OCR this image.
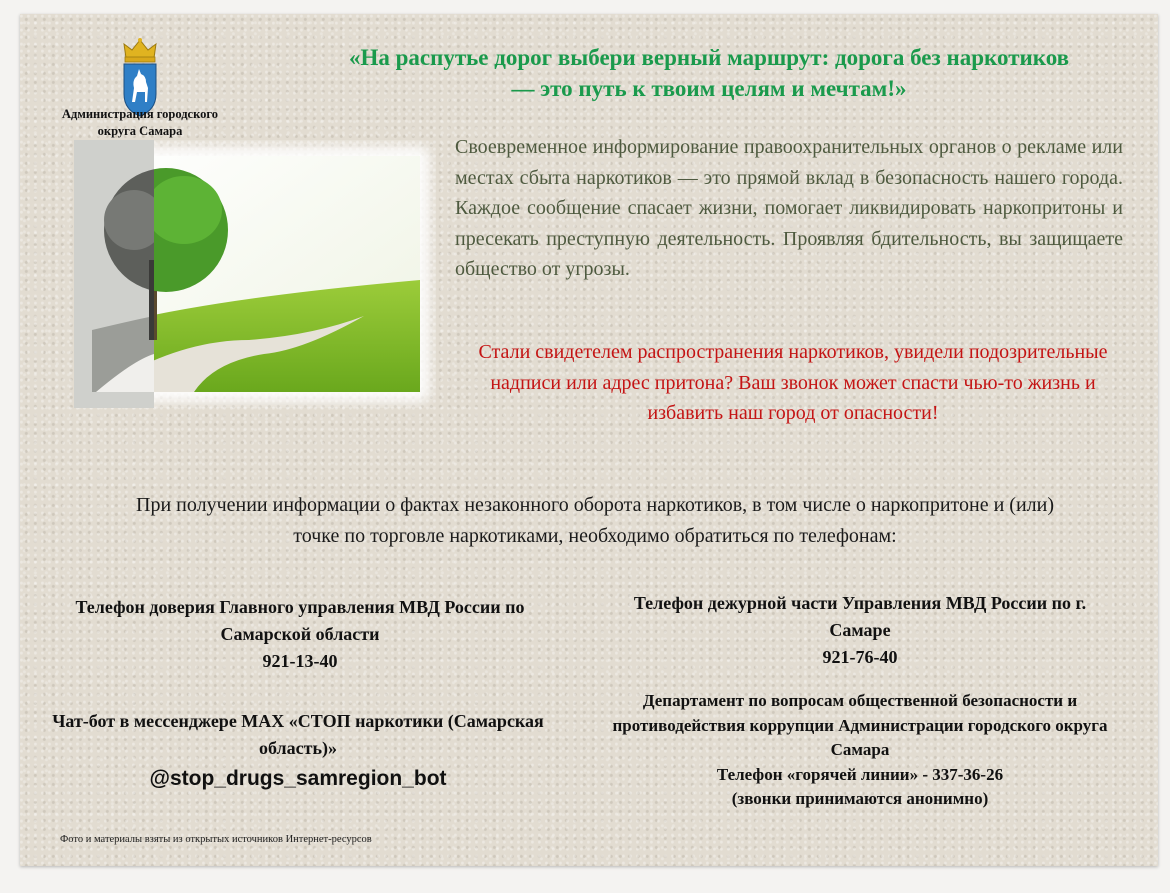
Администрация городского округа Самара
«На распутье дорог выбери верный маршрут: дорога без наркотиков — это путь к твоим целям и мечтам!»
Своевременное информирование правоохранительных органов о рекламе или местах сбыта наркотиков — это прямой вклад в безопасность нашего города. Каждое сообщение спасает жизни, помогает ликвидировать наркопритоны и пресекать преступную деятельность. Проявляя бдительность, вы защищаете общество от угрозы.
Стали свидетелем распространения наркотиков, увидели подозрительные надписи или адрес притона? Ваш звонок может спасти чью-то жизнь и избавить наш город от опасности!
При получении информации о фактах незаконного оборота наркотиков, в том числе о наркопритоне и (или) точке по торговле наркотиками, необходимо обратиться по телефонам:
Телефон доверия Главного управления МВД России по Самарской области
921-13-40
Телефон дежурной части Управления МВД России по г. Самаре
921-76-40
Чат-бот в мессенджере МАХ «СТОП наркотики (Самарская область)»
@stop_drugs_samregion_bot
Департамент по вопросам общественной безопасности и противодействия коррупции Администрации городского округа Самара
Телефон «горячей линии» - 337-36-26
(звонки принимаются анонимно)
Фото и материалы взяты из открытых источников Интернет-ресурсов
